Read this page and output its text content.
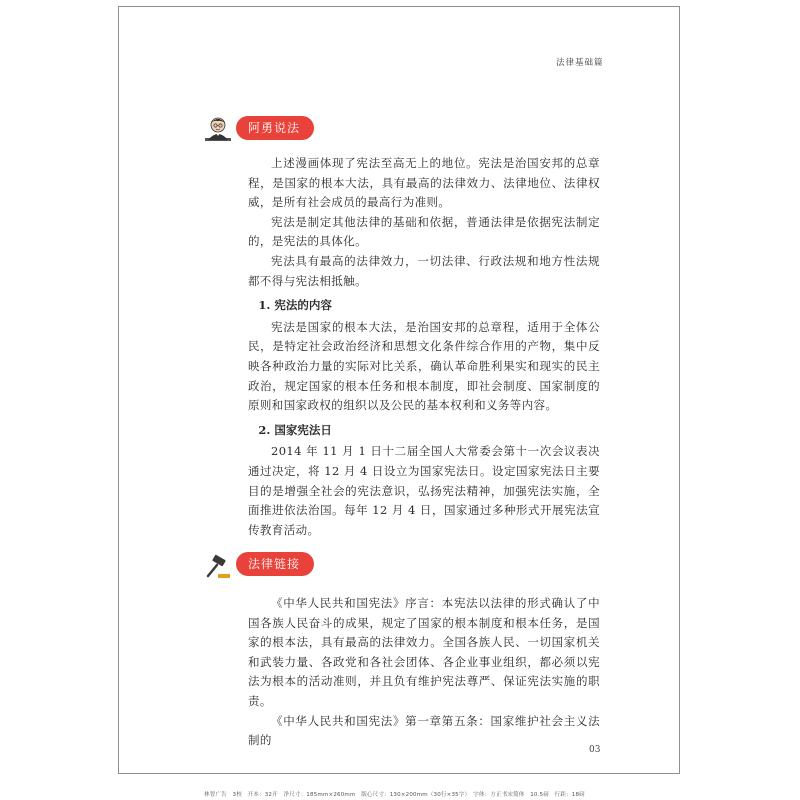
法律基础篇
阿勇说法

上述漫画体现了宪法至高无上的地位。宪法是治国安邦的总章程，是国家的根本大法，具有最高的法律效力、法律地位、法律权威，是所有社会成员的最高行为准则。

宪法是制定其他法律的基础和依据，普通法律是依据宪法制定的，是宪法的具体化。

宪法具有最高的法律效力，一切法律、行政法规和地方性法规都不得与宪法相抵触。

1. 宪法的内容

宪法是国家的根本大法，是治国安邦的总章程，适用于全体公民，是特定社会政治经济和思想文化条件综合作用的产物，集中反映各种政治力量的实际对比关系，确认革命胜利果实和现实的民主政治，规定国家的根本任务和根本制度，即社会制度、国家制度的原则和国家政权的组织以及公民的基本权利和义务等内容。

2. 国家宪法日

2014 年 11 月 1 日十二届全国人大常委会第十一次会议表决通过决定，将 12 月 4 日设立为国家宪法日。设定国家宪法日主要目的是增强全社会的宪法意识，弘扬宪法精神，加强宪法实施，全面推进依法治国。每年 12 月 4 日，国家通过多种形式开展宪法宣传教育活动。

法律链接

《中华人民共和国宪法》序言：本宪法以法律的形式确认了中国各族人民奋斗的成果，规定了国家的根本制度和根本任务，是国家的根本法，具有最高的法律效力。全国各族人民、一切国家机关和武装力量、各政党和各社会团体、各企业事业组织，都必须以宪法为根本的活动准则，并且负有维护宪法尊严、保证宪法实施的职责。

《中华人民共和国宪法》第一章第五条：国家维护社会主义法制的

03
林智广告　3校　开本：32开　净尺寸：185mm×260mm　版心尺寸：130×200mm（30行×35字）　字体：方正书宋简体　10.5磅　行距：18磅
